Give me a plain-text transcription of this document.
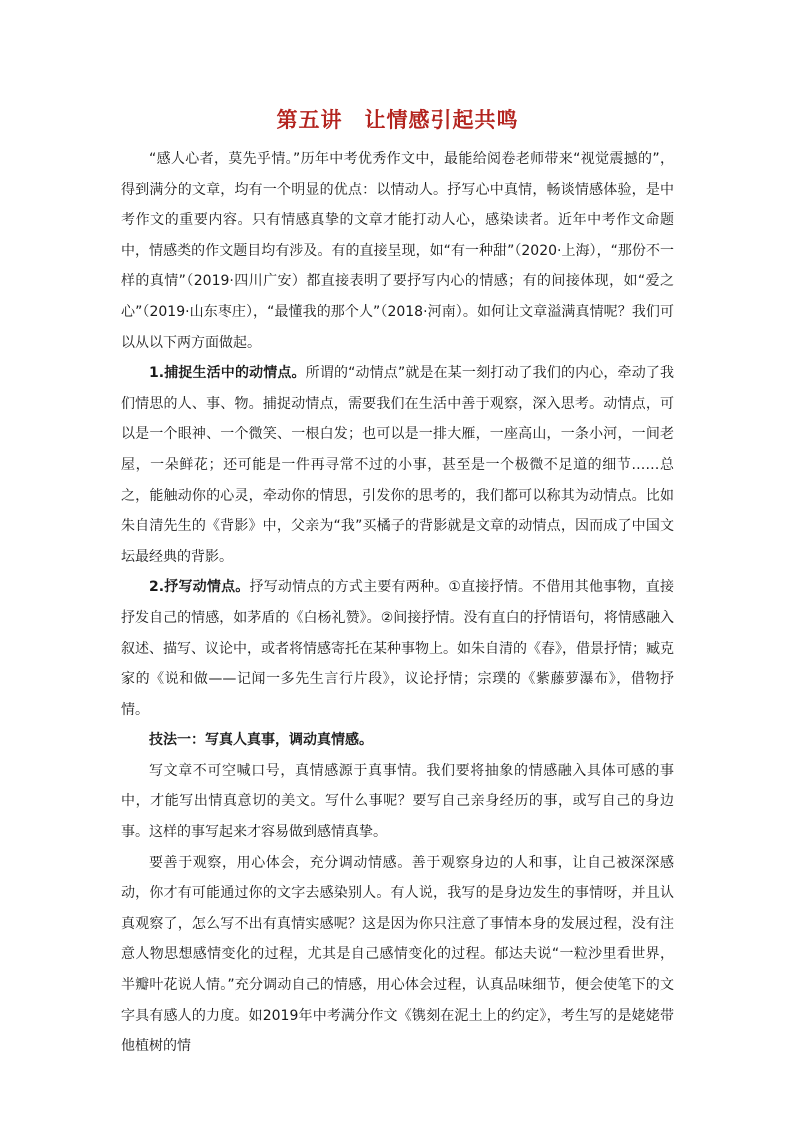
第五讲　让情感引起共鸣

“感人心者，莫先乎情。”历年中考优秀作文中，最能给阅卷老师带来“视觉震撼的”，得到满分的文章，均有一个明显的优点：以情动人。抒写心中真情，畅谈情感体验，是中考作文的重要内容。只有情感真挚的文章才能打动人心，感染读者。近年中考作文命题中，情感类的作文题目均有涉及。有的直接呈现，如“有一种甜”（2020·上海），“那份不一样的真情”（2019·四川广安）都直接表明了要抒写内心的情感；有的间接体现，如“爱之心”（2019·山东枣庄），“最懂我的那个人”（2018·河南）。如何让文章溢满真情呢？我们可以从以下两方面做起。

1.捕捉生活中的动情点。所谓的“动情点”就是在某一刻打动了我们的内心，牵动了我们情思的人、事、物。捕捉动情点，需要我们在生活中善于观察，深入思考。动情点，可以是一个眼神、一个微笑、一根白发；也可以是一排大雁，一座高山，一条小河，一间老屋，一朵鲜花；还可能是一件再寻常不过的小事，甚至是一个极微不足道的细节……总之，能触动你的心灵，牵动你的情思，引发你的思考的，我们都可以称其为动情点。比如朱自清先生的《背影》中，父亲为“我”买橘子的背影就是文章的动情点，因而成了中国文坛最经典的背影。

2.抒写动情点。抒写动情点的方式主要有两种。①直接抒情。不借用其他事物，直接抒发自己的情感，如茅盾的《白杨礼赞》。②间接抒情。没有直白的抒情语句，将情感融入叙述、描写、议论中，或者将情感寄托在某种事物上。如朱自清的《春》，借景抒情；臧克家的《说和做——记闻一多先生言行片段》，议论抒情；宗璞的《紫藤萝瀑布》，借物抒情。

技法一：写真人真事，调动真情感。

写文章不可空喊口号，真情感源于真事情。我们要将抽象的情感融入具体可感的事中，才能写出情真意切的美文。写什么事呢？要写自己亲身经历的事，或写自己的身边事。这样的事写起来才容易做到感情真挚。

要善于观察，用心体会，充分调动情感。善于观察身边的人和事，让自己被深深感动，你才有可能通过你的文字去感染别人。有人说，我写的是身边发生的事情呀，并且认真观察了，怎么写不出有真情实感呢？这是因为你只注意了事情本身的发展过程，没有注意人物思想感情变化的过程，尤其是自己感情变化的过程。郁达夫说“一粒沙里看世界，半瓣叶花说人情。”充分调动自己的情感，用心体会过程，认真品味细节，便会使笔下的文字具有感人的力度。如2019年中考满分作文《镌刻在泥土上的约定》，考生写的是姥姥带他植树的情
